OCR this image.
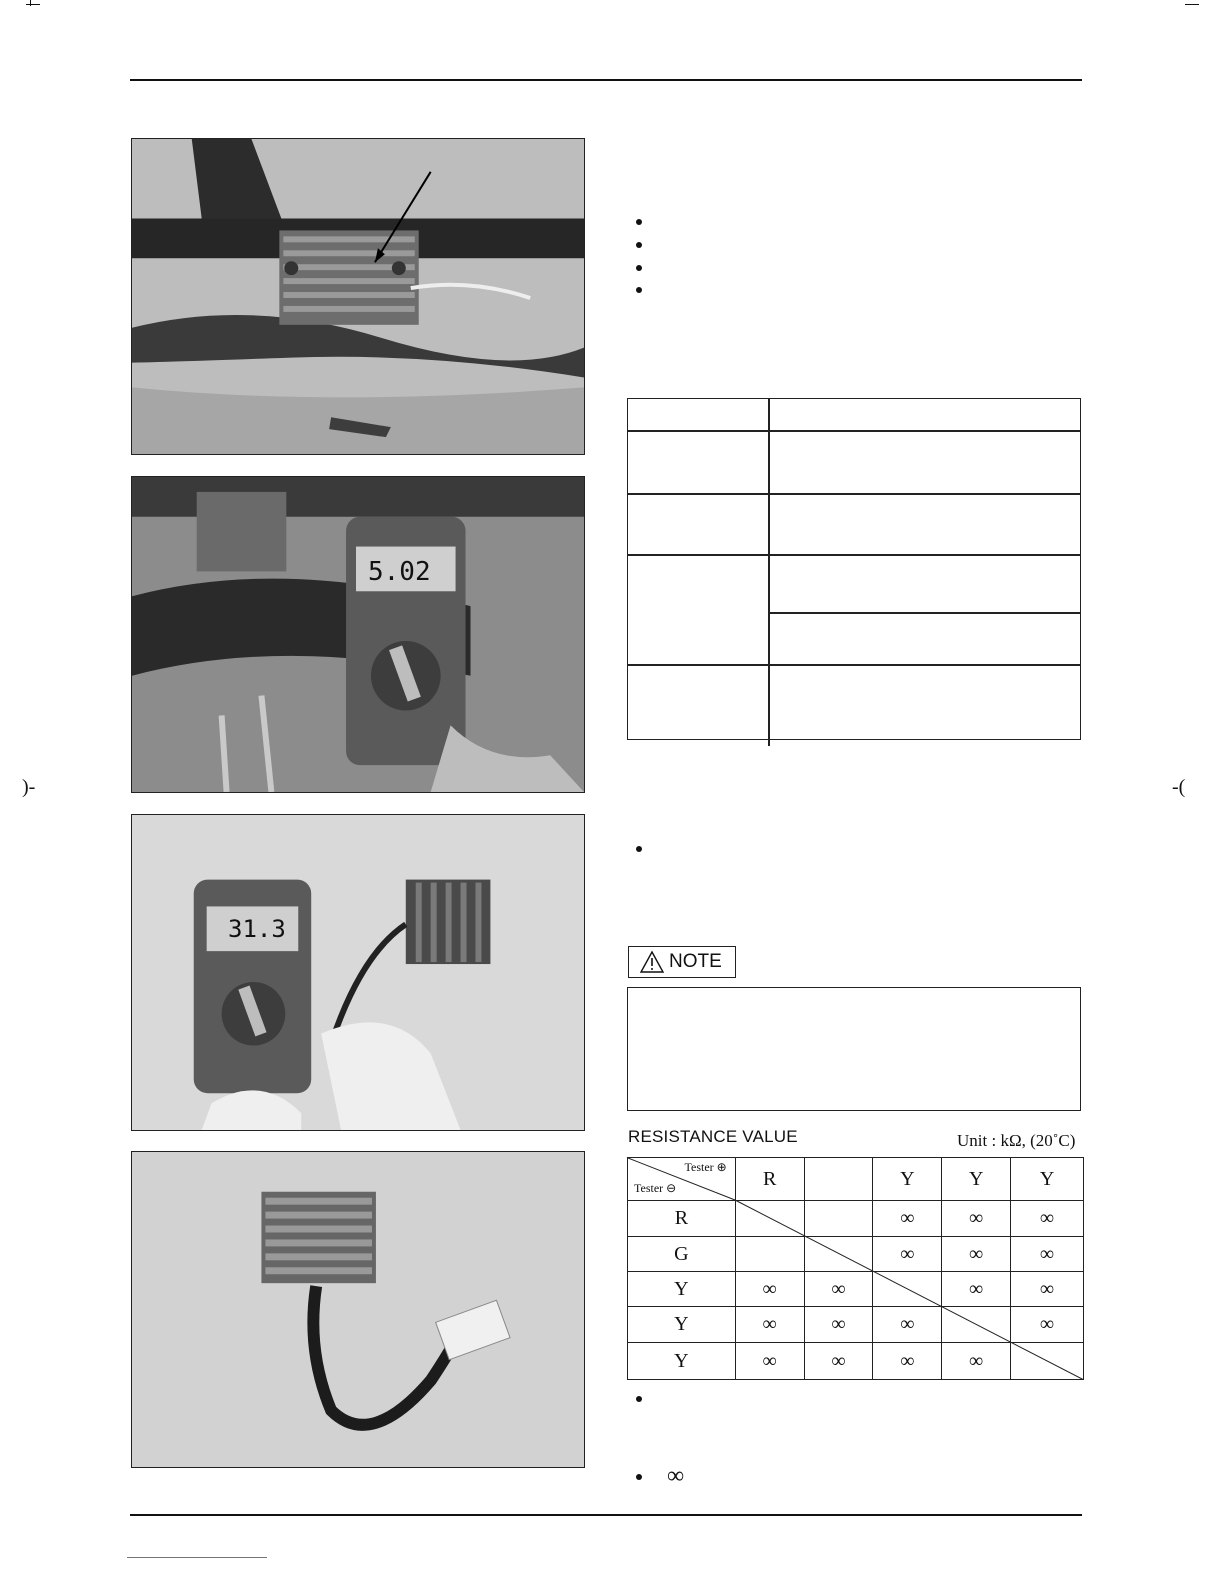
)-	-(
5.02
31.3
NOTE
RESISTANCE VALUE	Unit : kΩ, (20˚C)
Tester ⊕
Tester ⊖	R		Y	Y	Y
R			∞	∞	∞
G			∞	∞	∞
Y	∞	∞		∞	∞
Y	∞	∞	∞		∞
Y	∞	∞	∞	∞	
∞
